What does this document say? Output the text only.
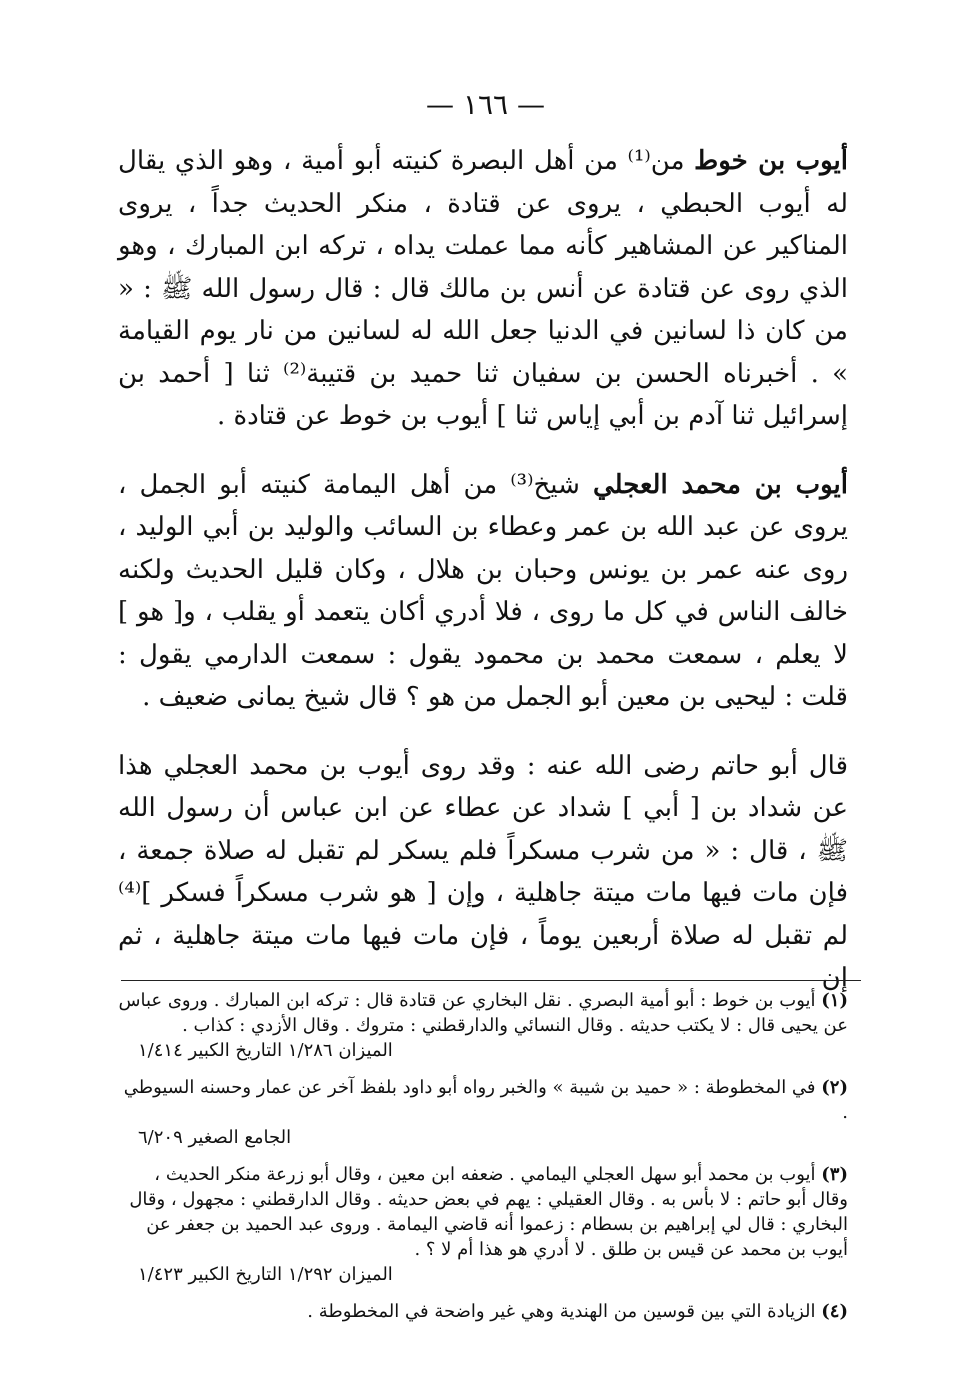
— ١٦٦ —

أيوب بن خوط من⁽¹⁾ من أهل البصرة كنيته أبو أمية ، وهو الذي يقال له أيوب الحبطي ، يروى عن قتادة ، منكر الحديث جداً ، يروى المناكير عن المشاهير كأنه مما عملت يداه ، تركه ابن المبارك ، وهو الذي روى عن قتادة عن أنس بن مالك قال : قال رسول الله ﷺ : « من كان ذا لسانين في الدنيا جعل الله له لسانين من نار يوم القيامة » . أخبرناه الحسن بن سفيان ثنا حميد بن قتيبة⁽²⁾ ثنا [ أحمد بن إسرائيل ثنا آدم بن أبي إياس ثنا ] أيوب بن خوط عن قتادة .

أيوب بن محمد العجلي شيخ⁽³⁾ من أهل اليمامة كنيته أبو الجمل ، يروى عن عبد الله بن عمر وعطاء بن السائب والوليد بن أبي الوليد ، روى عنه عمر بن يونس وحبان بن هلال ، وكان قليل الحديث ولكنه خالف الناس في كل ما روى ، فلا أدري أكان يتعمد أو يقلب ، و[ هو ] لا يعلم ، سمعت محمد بن محمود يقول : سمعت الدارمي يقول : قلت : ليحيى بن معين أبو الجمل من هو ؟ قال شيخ يمانى ضعيف .

قال أبو حاتم رضى الله عنه : وقد روى أيوب بن محمد العجلي هذا عن شداد بن [ أبي ] شداد عن عطاء عن ابن عباس أن رسول الله ﷺ ، قال : « من شرب مسكراً فلم يسكر لم تقبل له صلاة جمعة ، فإن مات فيها مات ميتة جاهلية ، وإن [ هو شرب مسكراً فسكر ]⁽⁴⁾ لم تقبل له صلاة أربعين يوماً ، فإن مات فيها مات ميتة جاهلية ، ثم إن

(١) أيوب بن خوط : أبو أمية البصري . نقل البخاري عن قتادة قال : تركه ابن المبارك . وروى عباس عن يحيى قال : لا يكتب حديثه . وقال النسائي والدارقطني : متروك . وقال الأزدي : كذاب .
الميزان ١/٢٨٦ التاريخ الكبير ١/٤١٤
(٢) في المخطوطة : « حميد بن شيبة » والخبر رواه أبو داود بلفظ آخر عن عمار وحسنه السيوطي .
الجامع الصغير ٦/٢٠٩
(٣) أيوب بن محمد أبو سهل العجلي اليمامي . ضعفه ابن معين ، وقال أبو زرعة منكر الحديث ، وقال أبو حاتم : لا بأس به . وقال العقيلي : يهم في بعض حديثه . وقال الدارقطني : مجهول ، وقال البخاري : قال لي إبراهيم بن بسطام : زعموا أنه قاضي اليمامة . وروى عبد الحميد بن جعفر عن أيوب بن محمد عن قيس بن طلق . لا أدري هو هذا أم لا ؟ .
الميزان ١/٢٩٢ التاريخ الكبير ١/٤٢٣
(٤) الزيادة التي بين قوسين من الهندية وهي غير واضحة في المخطوطة .
